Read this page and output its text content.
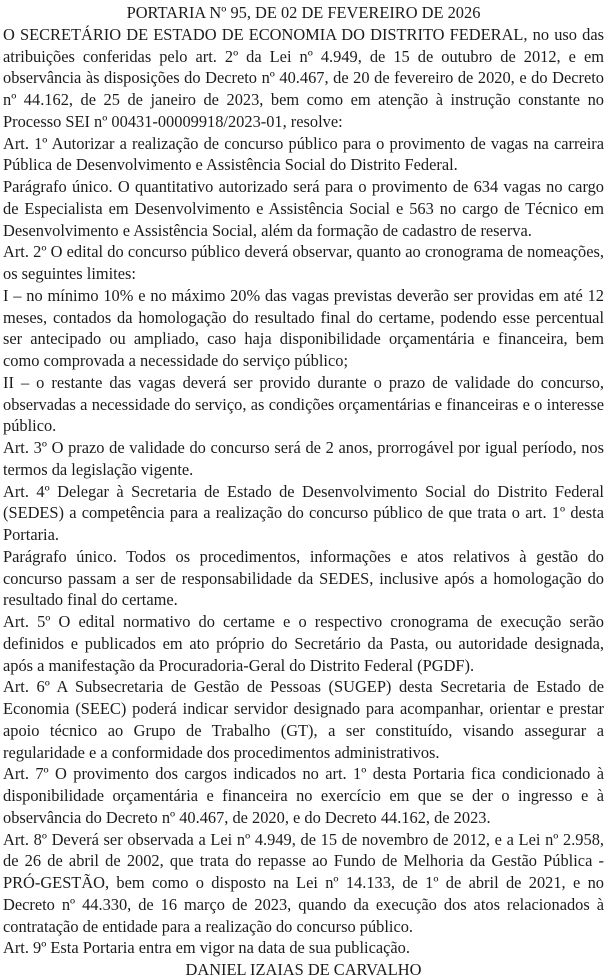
PORTARIA Nº 95, DE 02 DE FEVEREIRO DE 2026

O SECRETÁRIO DE ESTADO DE ECONOMIA DO DISTRITO FEDERAL, no uso das atribuições conferidas pelo art. 2º da Lei nº 4.949, de 15 de outubro de 2012, e em observância às disposições do Decreto nº 40.467, de 20 de fevereiro de 2020, e do Decreto nº 44.162, de 25 de janeiro de 2023, bem como em atenção à instrução constante no Processo SEI nº 00431-00009918/2023-01, resolve:

Art. 1º Autorizar a realização de concurso público para o provimento de vagas na carreira Pública de Desenvolvimento e Assistência Social do Distrito Federal.

Parágrafo único. O quantitativo autorizado será para o provimento de 634 vagas no cargo de Especialista em Desenvolvimento e Assistência Social e 563 no cargo de Técnico em Desenvolvimento e Assistência Social, além da formação de cadastro de reserva.

Art. 2º O edital do concurso público deverá observar, quanto ao cronograma de nomeações, os seguintes limites:

I – no mínimo 10% e no máximo 20% das vagas previstas deverão ser providas em até 12 meses, contados da homologação do resultado final do certame, podendo esse percentual ser antecipado ou ampliado, caso haja disponibilidade orçamentária e financeira, bem como comprovada a necessidade do serviço público;

II – o restante das vagas deverá ser provido durante o prazo de validade do concurso, observadas a necessidade do serviço, as condições orçamentárias e financeiras e o interesse público.

Art. 3º O prazo de validade do concurso será de 2 anos, prorrogável por igual período, nos termos da legislação vigente.

Art. 4º Delegar à Secretaria de Estado de Desenvolvimento Social do Distrito Federal (SEDES) a competência para a realização do concurso público de que trata o art. 1º desta Portaria.

Parágrafo único. Todos os procedimentos, informações e atos relativos à gestão do concurso passam a ser de responsabilidade da SEDES, inclusive após a homologação do resultado final do certame.

Art. 5º O edital normativo do certame e o respectivo cronograma de execução serão definidos e publicados em ato próprio do Secretário da Pasta, ou autoridade designada, após a manifestação da Procuradoria-Geral do Distrito Federal (PGDF).

Art. 6º A Subsecretaria de Gestão de Pessoas (SUGEP) desta Secretaria de Estado de Economia (SEEC) poderá indicar servidor designado para acompanhar, orientar e prestar apoio técnico ao Grupo de Trabalho (GT), a ser constituído, visando assegurar a regularidade e a conformidade dos procedimentos administrativos.

Art. 7º O provimento dos cargos indicados no art. 1º desta Portaria fica condicionado à disponibilidade orçamentária e financeira no exercício em que se der o ingresso e à observância do Decreto nº 40.467, de 2020, e do Decreto 44.162, de 2023.

Art. 8º Deverá ser observada a Lei nº 4.949, de 15 de novembro de 2012, e a Lei nº 2.958, de 26 de abril de 2002, que trata do repasse ao Fundo de Melhoria da Gestão Pública - PRÓ-GESTÃO, bem como o disposto na Lei nº 14.133, de 1º de abril de 2021, e no Decreto nº 44.330, de 16 março de 2023, quando da execução dos atos relacionados à contratação de entidade para a realização do concurso público.

Art. 9º Esta Portaria entra em vigor na data de sua publicação.

DANIEL IZAIAS DE CARVALHO
